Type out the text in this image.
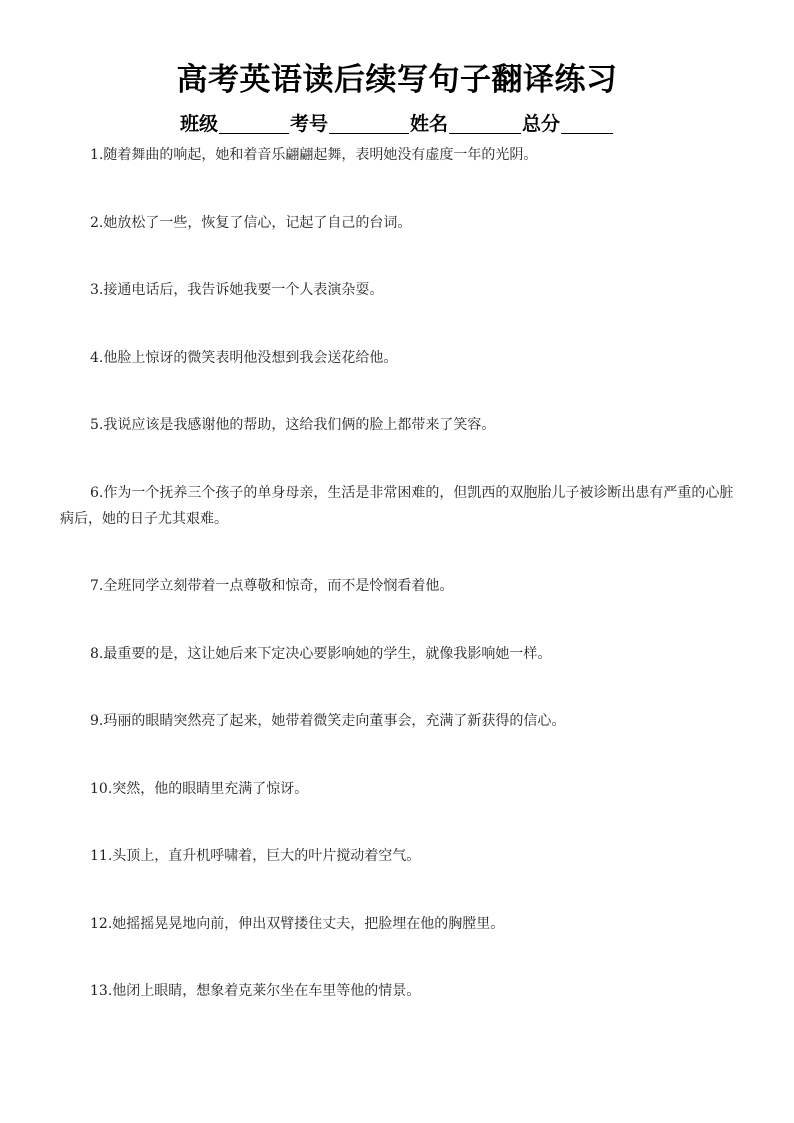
高考英语读后续写句子翻译练习
班级	考号	姓名	总分

1.随着舞曲的响起，她和着音乐翩翩起舞，表明她没有虚度一年的光阴。

2.她放松了一些，恢复了信心，记起了自己的台词。

3.接通电话后，我告诉她我要一个人表演杂耍。

4.他脸上惊讶的微笑表明他没想到我会送花给他。

5.我说应该是我感谢他的帮助，这给我们俩的脸上都带来了笑容。

6.作为一个抚养三个孩子的单身母亲，生活是非常困难的，但凯西的双胞胎儿子被诊断出患有严重的心脏病后，她的日子尤其艰难。

7.全班同学立刻带着一点尊敬和惊奇，而不是怜悯看着他。

8.最重要的是，这让她后来下定决心要影响她的学生，就像我影响她一样。

9.玛丽的眼睛突然亮了起来，她带着微笑走向董事会，充满了新获得的信心。

10.突然，他的眼睛里充满了惊讶。

11.头顶上，直升机呼啸着，巨大的叶片搅动着空气。

12.她摇摇晃晃地向前，伸出双臂搂住丈夫，把脸埋在他的胸膛里。

13.他闭上眼睛，想象着克莱尔坐在车里等他的情景。
